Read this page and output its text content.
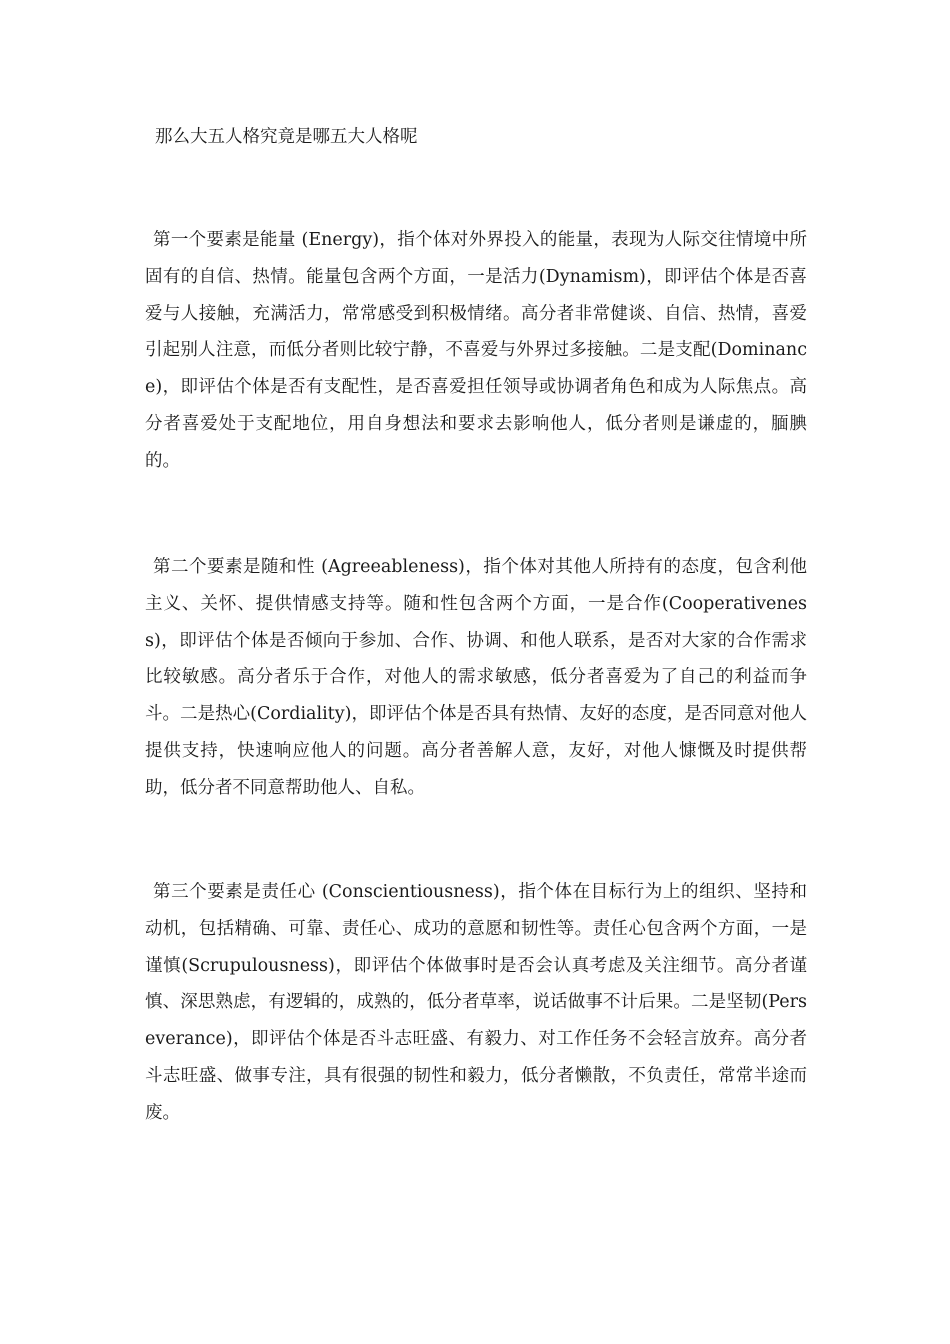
那么大五人格究竟是哪五大人格呢

第一个要素是能量 (Energy)，指个体对外界投入的能量，表现为人际交往情境中所固有的自信、热情。能量包含两个方面，一是活力(Dynamism)，即评估个体是否喜爱与人接触，充满活力，常常感受到积极情绪。高分者非常健谈、自信、热情，喜爱引起别人注意，而低分者则比较宁静，不喜爱与外界过多接触。二是支配(Dominance)，即评估个体是否有支配性，是否喜爱担任领导或协调者角色和成为人际焦点。高分者喜爱处于支配地位，用自身想法和要求去影响他人，低分者则是谦虚的，腼腆的。

第二个要素是随和性 (Agreeableness)，指个体对其他人所持有的态度，包含利他主义、关怀、提供情感支持等。随和性包含两个方面，一是合作(Cooperativeness)，即评估个体是否倾向于参加、合作、协调、和他人联系，是否对大家的合作需求比较敏感。高分者乐于合作，对他人的需求敏感，低分者喜爱为了自己的利益而争斗。二是热心(Cordiality)，即评估个体是否具有热情、友好的态度，是否同意对他人提供支持，快速响应他人的问题。高分者善解人意，友好，对他人慷慨及时提供帮助，低分者不同意帮助他人、自私。

第三个要素是责任心 (Conscientiousness)，指个体在目标行为上的组织、坚持和动机，包括精确、可靠、责任心、成功的意愿和韧性等。责任心包含两个方面，一是谨慎(Scrupulousness)，即评估个体做事时是否会认真考虑及关注细节。高分者谨慎、深思熟虑，有逻辑的，成熟的，低分者草率，说话做事不计后果。二是坚韧(Perseverance)，即评估个体是否斗志旺盛、有毅力、对工作任务不会轻言放弃。高分者斗志旺盛、做事专注，具有很强的韧性和毅力，低分者懒散，不负责任，常常半途而废。
